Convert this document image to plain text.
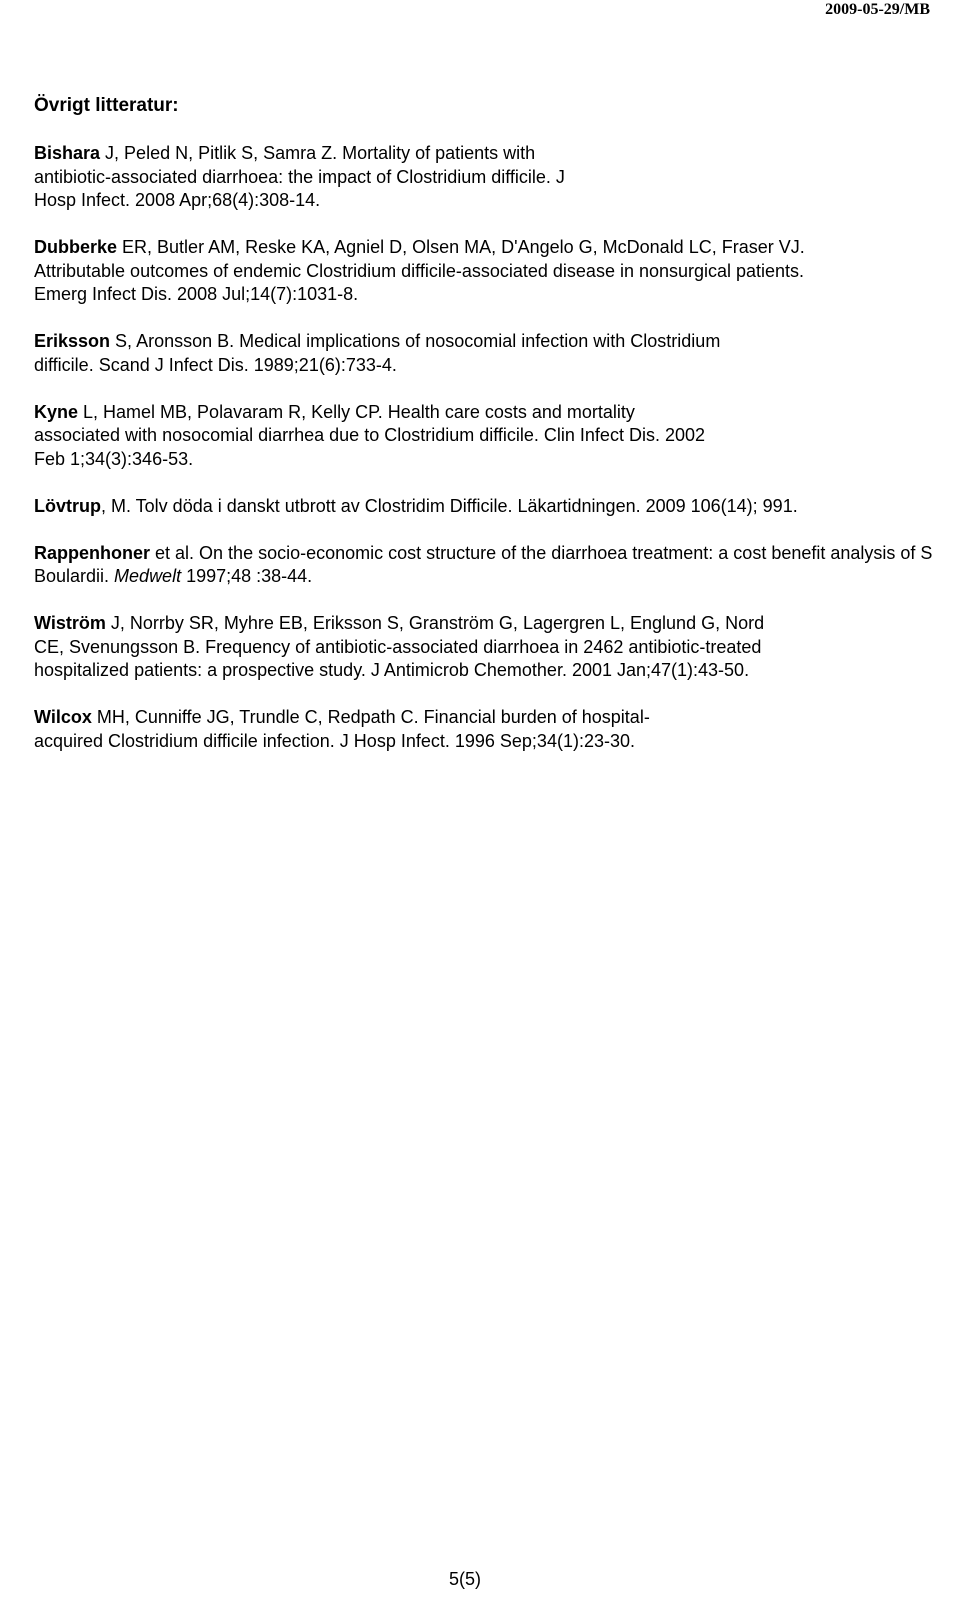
2009-05-29/MB
Övrigt litteratur:
Bishara J, Peled N, Pitlik S, Samra Z. Mortality of patients with antibiotic-associated diarrhoea: the impact of Clostridium difficile. J Hosp Infect. 2008 Apr;68(4):308-14.
Dubberke ER, Butler AM, Reske KA, Agniel D, Olsen MA, D'Angelo G, McDonald LC, Fraser VJ. Attributable outcomes of endemic Clostridium difficile-associated disease in nonsurgical patients. Emerg Infect Dis. 2008 Jul;14(7):1031-8.
Eriksson S, Aronsson B. Medical implications of nosocomial infection with Clostridium difficile. Scand J Infect Dis. 1989;21(6):733-4.
Kyne L, Hamel MB, Polavaram R, Kelly CP. Health care costs and mortality associated with nosocomial diarrhea due to Clostridium difficile. Clin Infect Dis. 2002 Feb 1;34(3):346-53.
Lövtrup, M. Tolv döda i danskt utbrott av Clostridim Difficile. Läkartidningen. 2009 106(14); 991.
Rappenhoner et al. On the socio-economic cost structure of the diarrhoea treatment: a cost benefit analysis of S Boulardii. Medwelt 1997;48 :38-44.
Wiström J, Norrby SR, Myhre EB, Eriksson S, Granström G, Lagergren L, Englund G, Nord CE, Svenungsson B. Frequency of antibiotic-associated diarrhoea in 2462 antibiotic-treated hospitalized patients: a prospective study. J Antimicrob Chemother. 2001 Jan;47(1):43-50.
Wilcox MH, Cunniffe JG, Trundle C, Redpath C. Financial burden of hospital-acquired Clostridium difficile infection. J Hosp Infect. 1996 Sep;34(1):23-30.
5(5)
